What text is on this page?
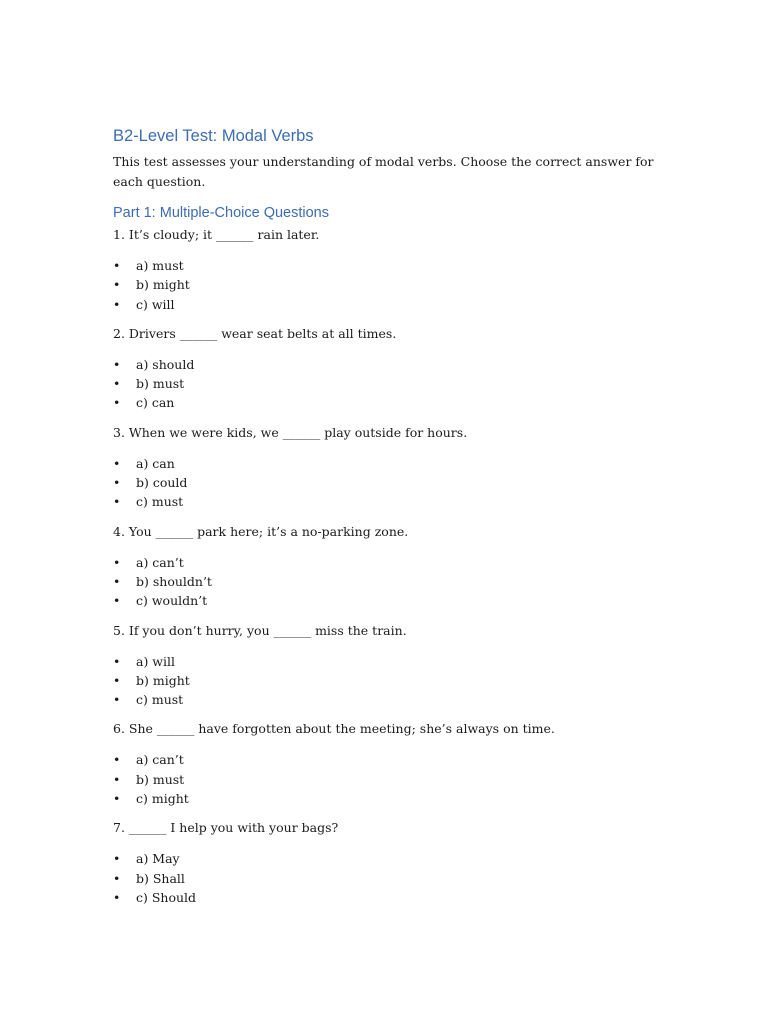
B2-Level Test: Modal Verbs

This test assesses your understanding of modal verbs. Choose the correct answer for each question.

Part 1: Multiple-Choice Questions

1. It’s cloudy; it ______ rain later.

• a) must
• b) might
• c) will

2. Drivers ______ wear seat belts at all times.

• a) should
• b) must
• c) can

3. When we were kids, we ______ play outside for hours.

• a) can
• b) could
• c) must

4. You ______ park here; it’s a no-parking zone.

• a) can’t
• b) shouldn’t
• c) wouldn’t

5. If you don’t hurry, you ______ miss the train.

• a) will
• b) might
• c) must

6. She ______ have forgotten about the meeting; she’s always on time.

• a) can’t
• b) must
• c) might

7. ______ I help you with your bags?

• a) May
• b) Shall
• c) Should
